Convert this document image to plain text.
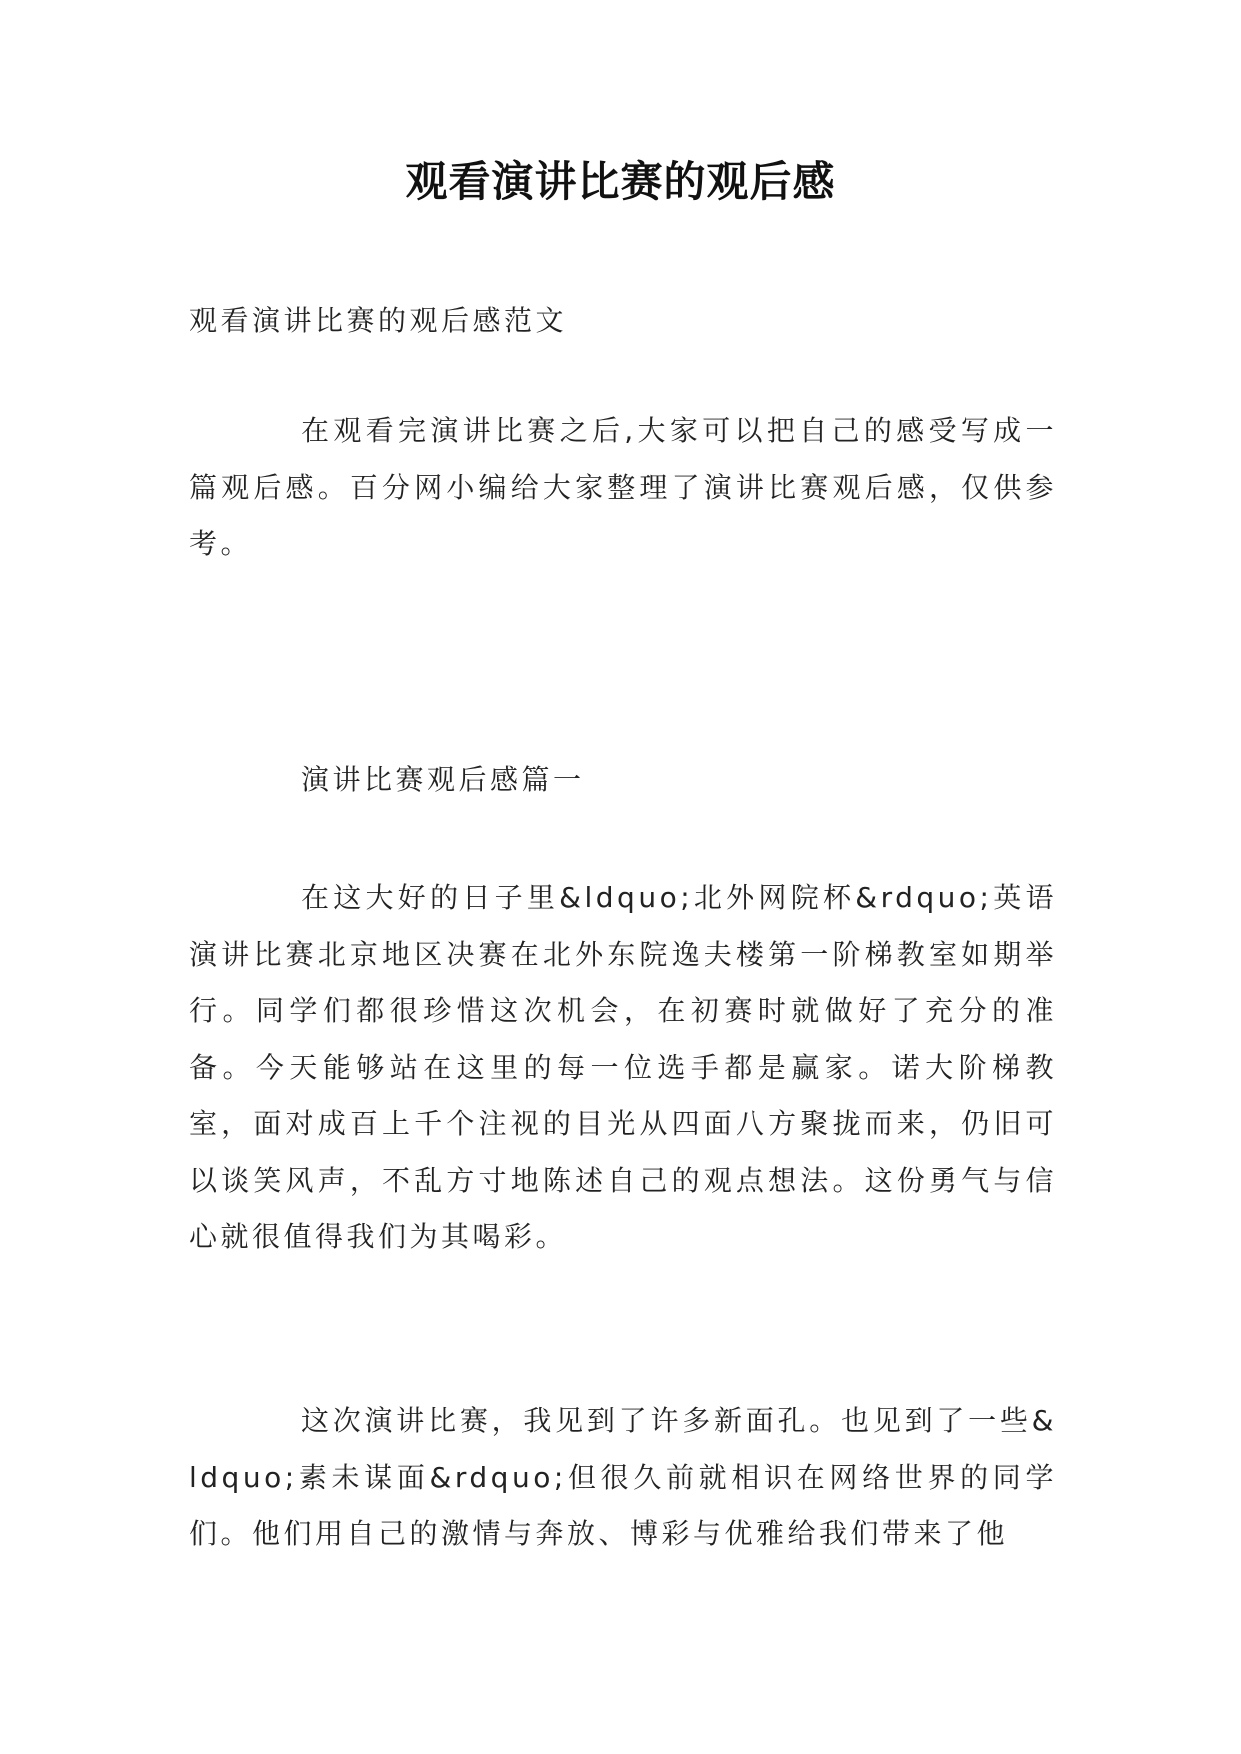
观看演讲比赛的观后感
观看演讲比赛的观后感范文
在观看完演讲比赛之后,大家可以把自己的感受写成一篇观后感。百分网小编给大家整理了演讲比赛观后感，仅供参考。
演讲比赛观后感篇一
在这大好的日子里&ldquo;北外网院杯&rdquo;英语演讲比赛北京地区决赛在北外东院逸夫楼第一阶梯教室如期举行。同学们都很珍惜这次机会，在初赛时就做好了充分的准备。今天能够站在这里的每一位选手都是赢家。诺大阶梯教室，面对成百上千个注视的目光从四面八方聚拢而来，仍旧可以谈笑风声，不乱方寸地陈述自己的观点想法。这份勇气与信心就很值得我们为其喝彩。
这次演讲比赛，我见到了许多新面孔。也见到了一些&ldquo;素未谋面&rdquo;但很久前就相识在网络世界的同学们。他们用自己的激情与奔放、博彩与优雅给我们带来了他
